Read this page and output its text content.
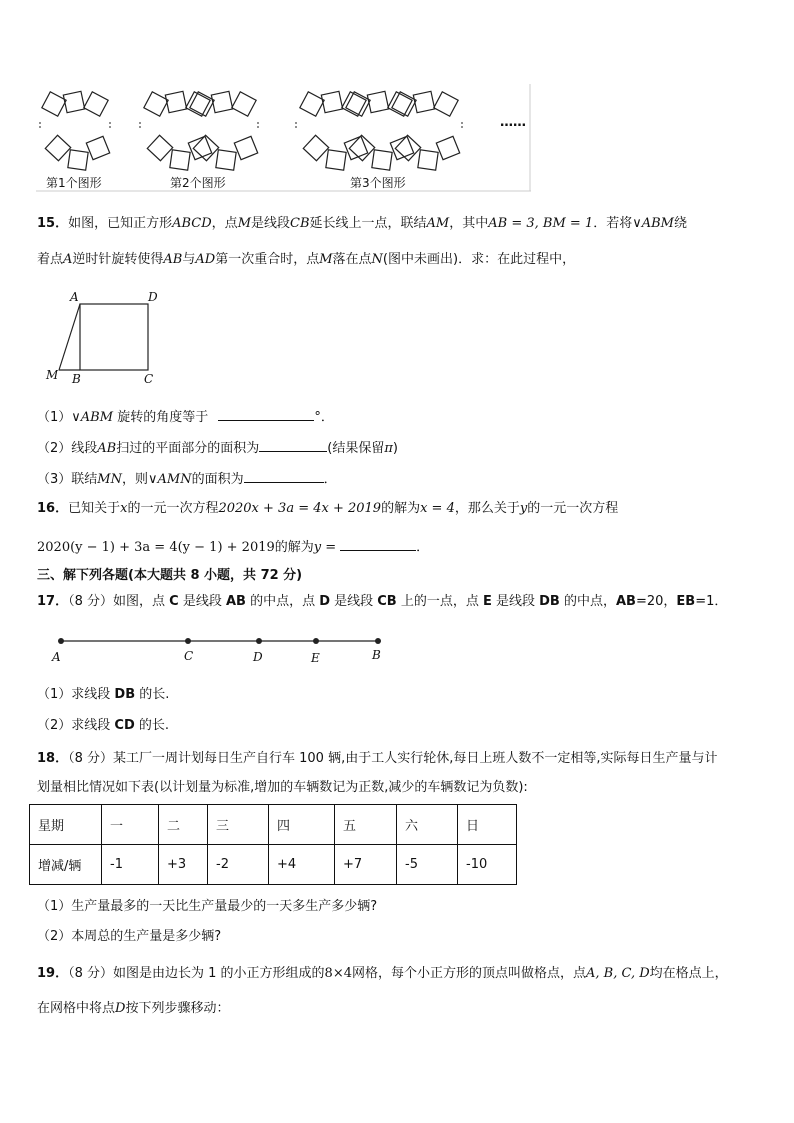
第1个图形	第2个图形	第3个图形
……
15．如图，已知正方形ABCD，点M是线段CB延长线上一点，联结AM，其中AB = 3, BM = 1．若将∨ABM绕
着点A逆时针旋转使得AB与AD第一次重合时，点M落在点N(图中未画出)．求：在此过程中，
A	D
M B	C
（1）∨ABM 旋转的角度等于	°．
（2）线段AB扫过的平面部分的面积为	(结果保留π)
（3）联结MN，则∨AMN的面积为	．
16．已知关于x的一元一次方程2020x + 3a = 4x + 2019的解为x = 4，那么关于y的一元一次方程
2020(y − 1) + 3a = 4(y − 1) + 2019的解为y =	．
三、解下列各题(本大题共 8 小题，共 72 分)
17．（8 分）如图，点 C 是线段 AB 的中点，点 D 是线段 CB 上的一点，点 E 是线段 DB 的中点，AB=20，EB=1．
A	C	D	E	B
（1）求线段 DB 的长.
（2）求线段 CD 的长.
18．（8 分）某工厂一周计划每日生产自行车 100 辆,由于工人实行轮休,每日上班人数不一定相等,实际每日生产量与计
划量相比情况如下表(以计划量为标准,增加的车辆数记为正数,减少的车辆数记为负数):
星期	一	二	三	四	五	六	日
增减/辆	-1	+3	-2	+4	+7	-5	-10
（1）生产量最多的一天比生产量最少的一天多生产多少辆?
（2）本周总的生产量是多少辆?
19．（8 分）如图是由边长为 1 的小正方形组成的8×4网格，每个小正方形的顶点叫做格点，点A, B, C, D均在格点上，
在网格中将点D按下列步骤移动：
